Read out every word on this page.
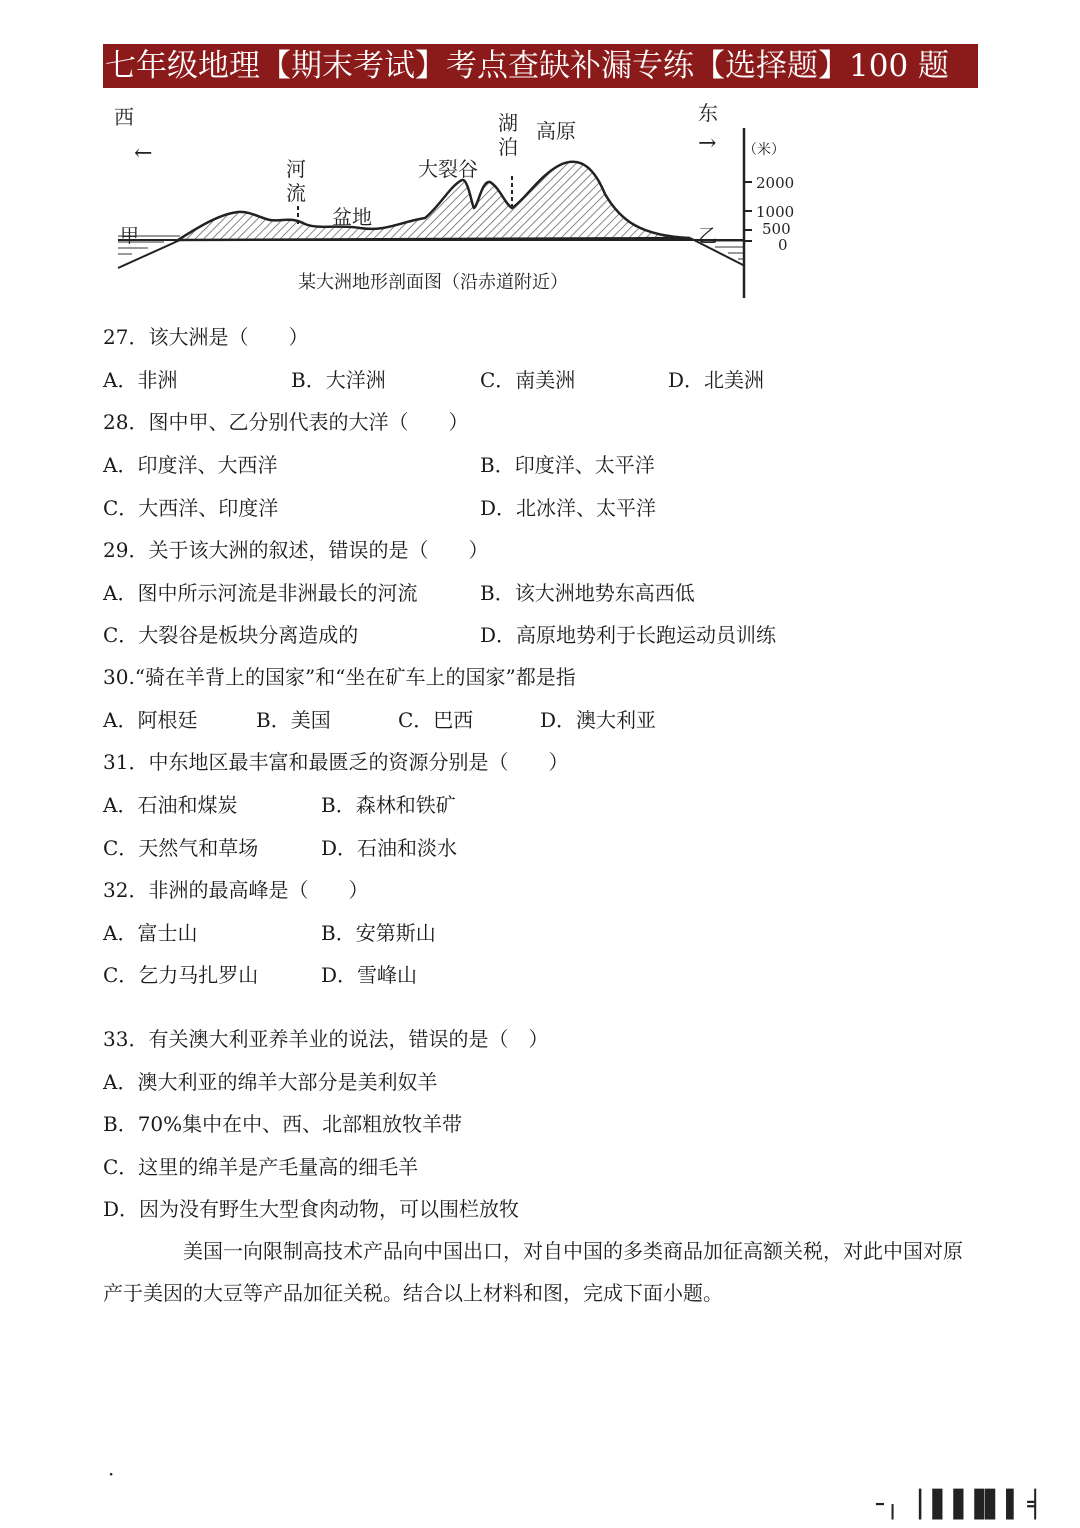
七年级地理【期末考试】考点查缺补漏专练【选择题】100 题
西
←
东
→ （米）
2000
1000
500
0
河
流
盆地
大裂谷
湖
泊
高原
甲	乙
某大洲地形剖面图（沿赤道附近）
27．该大洲是（　　）
A．非洲	B．大洋洲	C．南美洲	D．北美洲
28．图中甲、乙分别代表的大洋（　　）
A．印度洋、大西洋	B．印度洋、太平洋
C．大西洋、印度洋	D．北冰洋、太平洋
29．关于该大洲的叙述，错误的是（　　）
A．图中所示河流是非洲最长的河流	B．该大洲地势东高西低
C．大裂谷是板块分离造成的	D．高原地势利于长跑运动员训练
30.“骑在羊背上的国家”和“坐在矿车上的国家”都是指
A．阿根廷	B．美国	C．巴西	D．澳大利亚
31．中东地区最丰富和最匮乏的资源分别是（　　）
A．石油和煤炭	B．森林和铁矿
C．天然气和草场	D．石油和淡水
32．非洲的最高峰是（　　）
A．富士山	B．安第斯山
C．乞力马扎罗山	D．雪峰山
33．有关澳大利亚养羊业的说法，错误的是（　）
A．澳大利亚的绵羊大部分是美利奴羊
B．70%集中在中、西、北部粗放牧羊带
C．这里的绵羊是产毛量高的细毛羊
D．因为没有野生大型食肉动物，可以围栏放牧
美国一向限制高技术产品向中国出口，对自中国的多类商品加征高额关税，对此中国对原产于美因的大豆等产品加征关税。结合以上材料和图，完成下面小题。
·
╶╷▕▐▐▐▌▍╡
